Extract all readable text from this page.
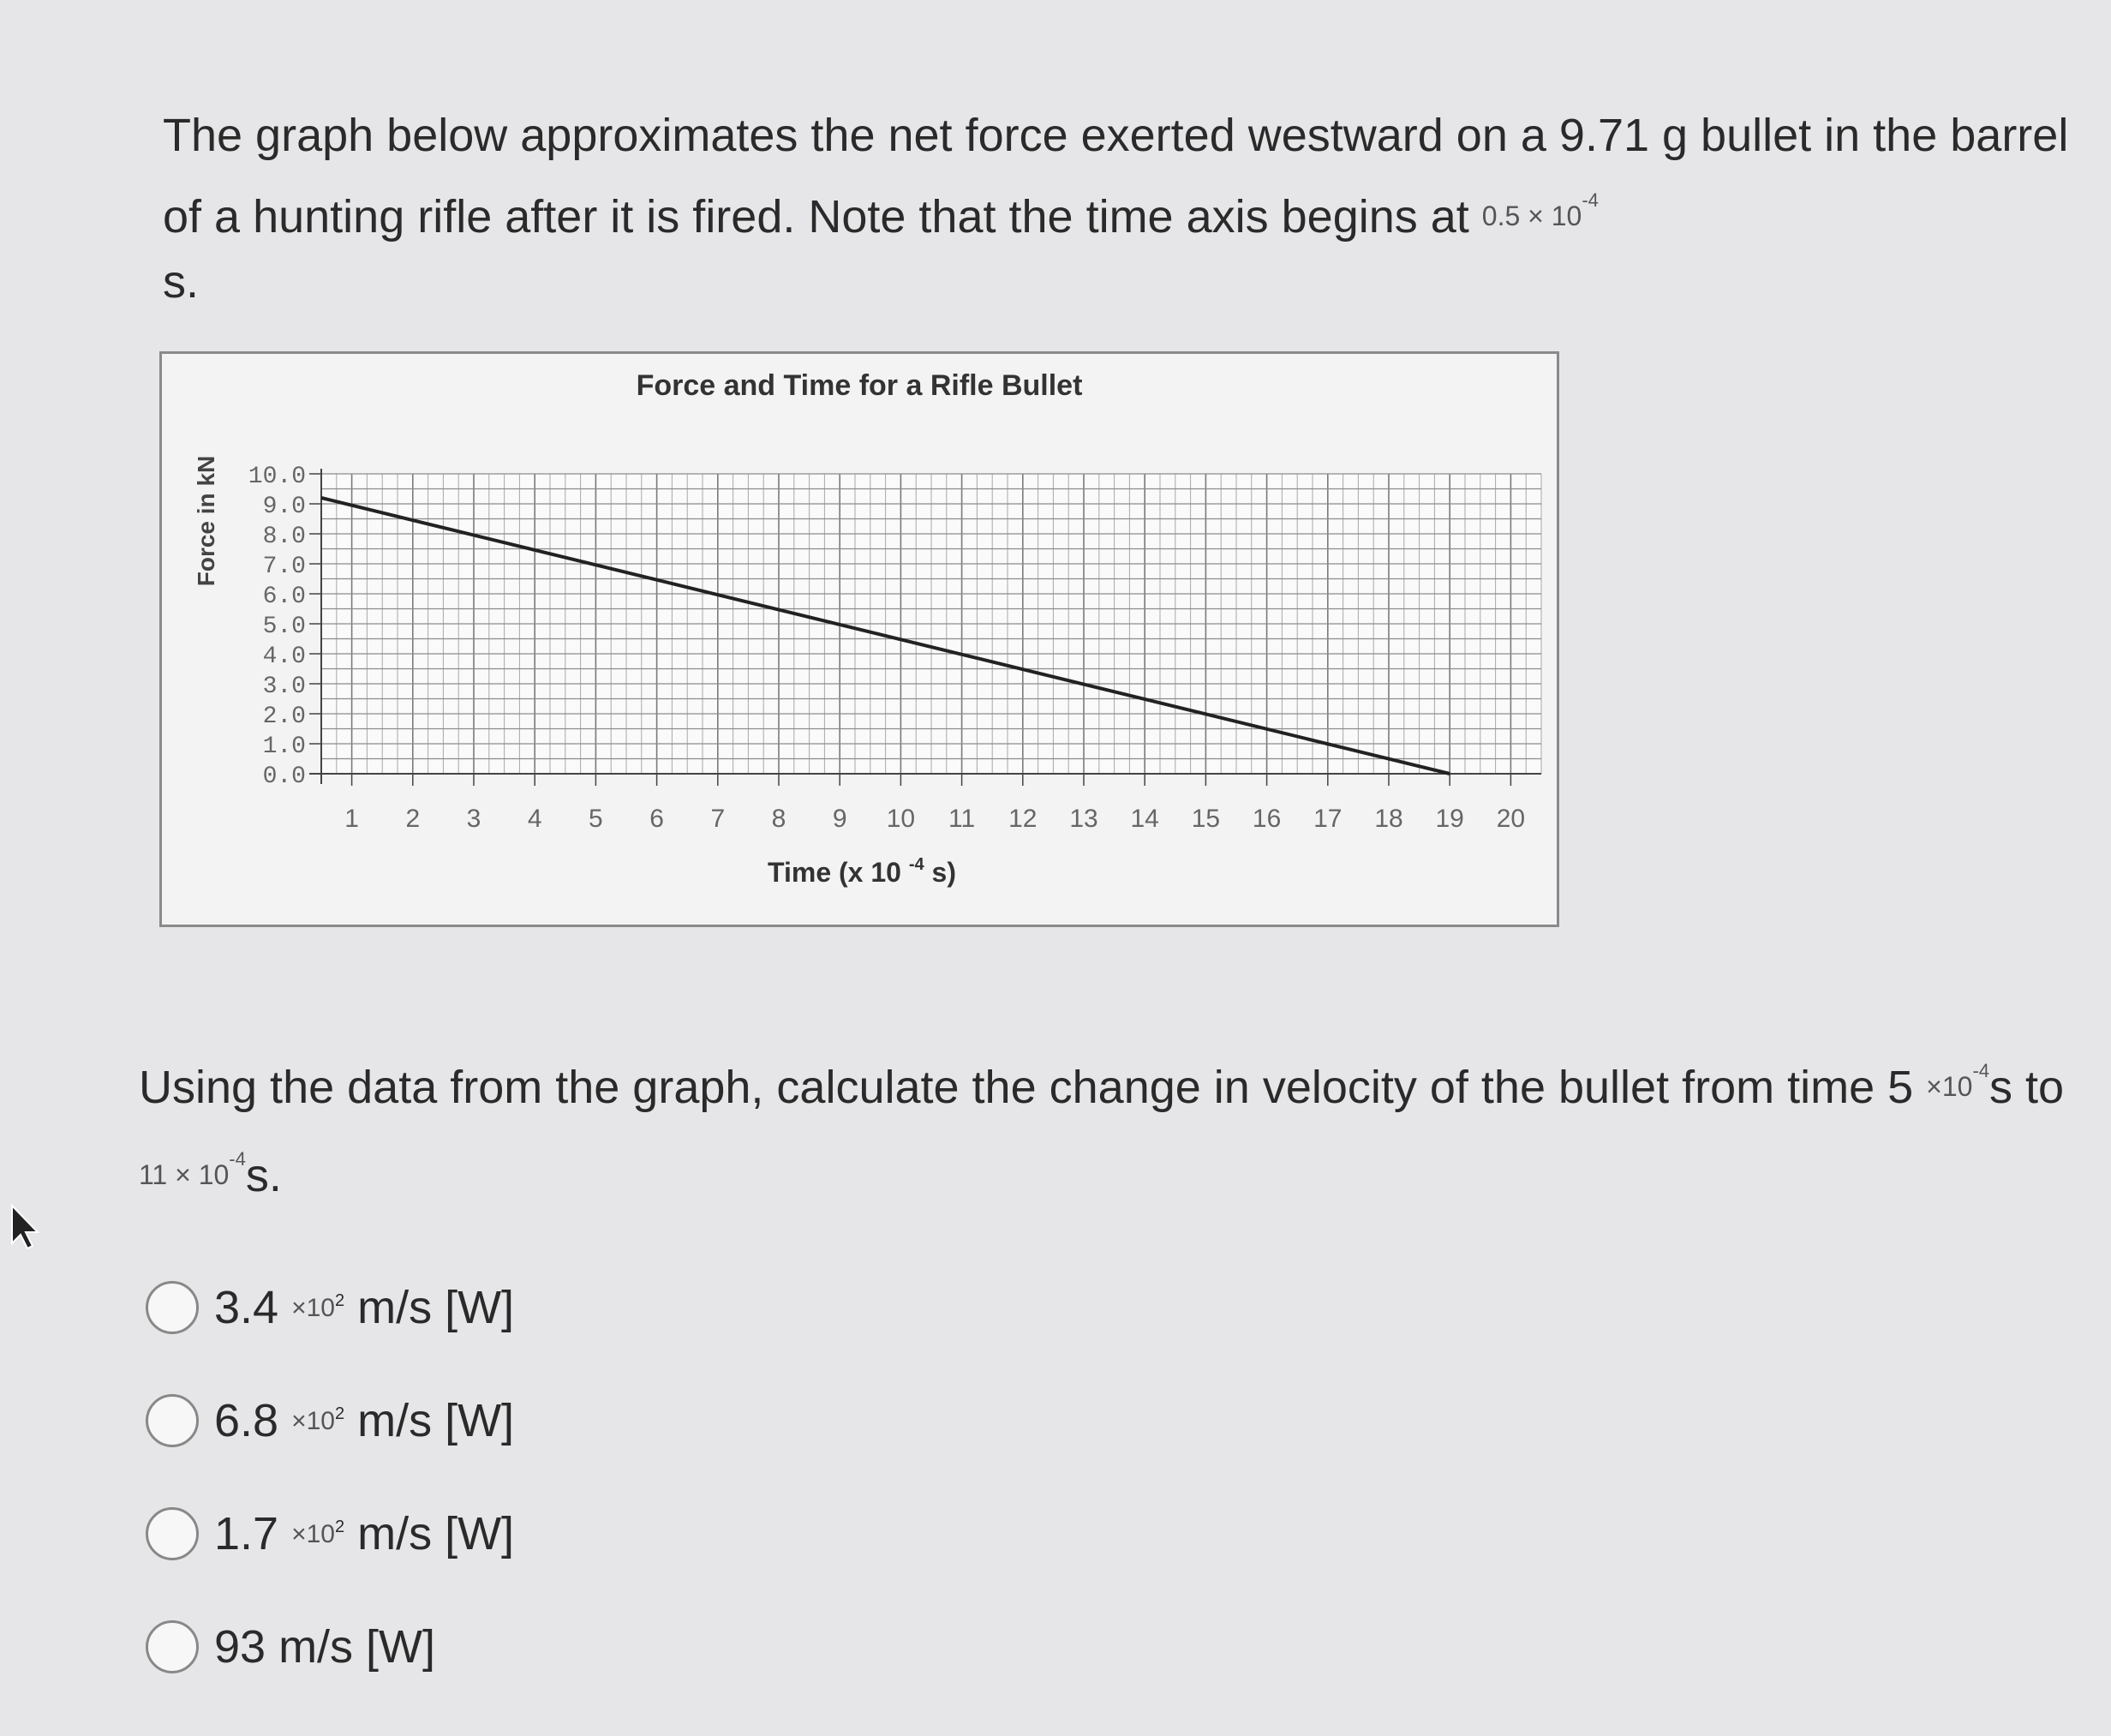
The graph below approximates the net force exerted westward on a 9.71 g bullet in the barrel of a hunting rifle after it is fired. Note that the time axis begins at $0.5 \times 10^{-4}$
s.
Force and Time for a Rifle Bullet
Force in kN 10.0
9.0
8.0
7.0
6.0
5.0
4.0
3.0
2.0
1.0
0.0
1 2 3 4 5 6 7 8 9 10 11 12 13 14 15 16 17 18 19 20
Time (x 10 $^{-4}$ s)
Using the data from the graph, calculate the change in velocity of the bullet from time $5 \times 10^{-4}s$ to $11 \times 10^{-4}s$.
$3.4 \times 10^2$ m/s [W]
$6.8 \times 10^2$ m/s [W]
$1.7 \times 10^2$ m/s [W]
93 m/s [W]
